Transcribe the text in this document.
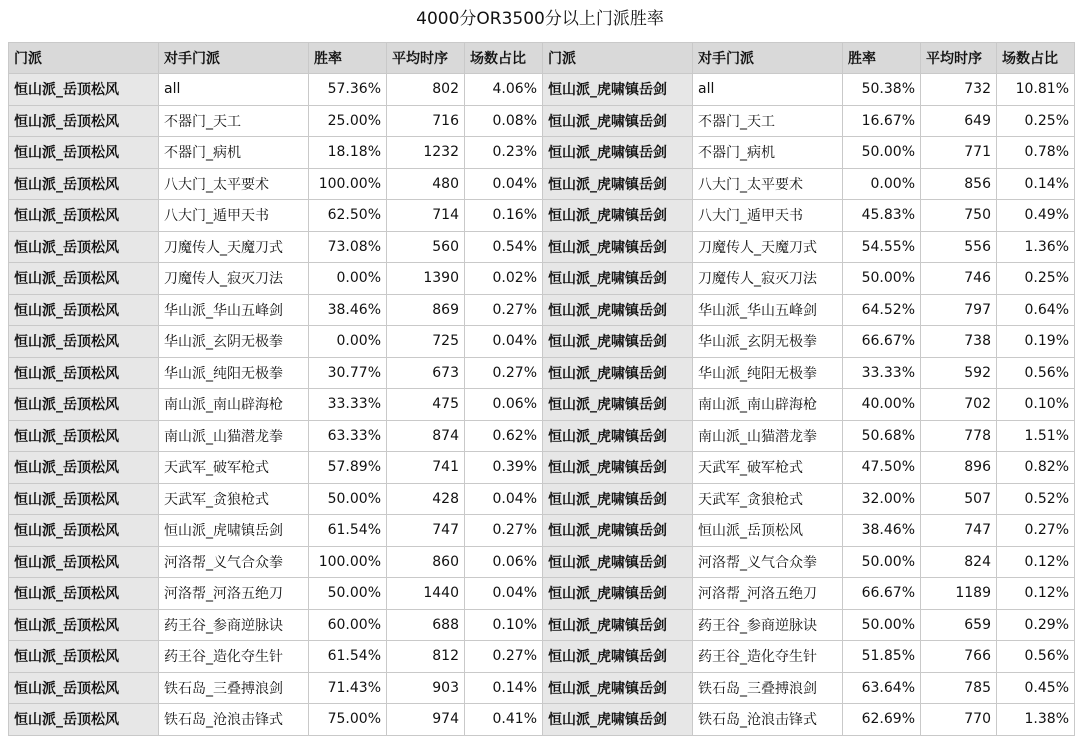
4000分OR3500分以上门派胜率
门派	对手门派	胜率	平均时序	场数占比	门派	对手门派	胜率	平均时序	场数占比
恒山派_岳顶松风	all	57.36%	802	4.06%	恒山派_虎啸镇岳剑	all	50.38%	732	10.81%
恒山派_岳顶松风	不器门_天工	25.00%	716	0.08%	恒山派_虎啸镇岳剑	不器门_天工	16.67%	649	0.25%
恒山派_岳顶松风	不器门_病机	18.18%	1232	0.23%	恒山派_虎啸镇岳剑	不器门_病机	50.00%	771	0.78%
恒山派_岳顶松风	八大门_太平要术	100.00%	480	0.04%	恒山派_虎啸镇岳剑	八大门_太平要术	0.00%	856	0.14%
恒山派_岳顶松风	八大门_遁甲天书	62.50%	714	0.16%	恒山派_虎啸镇岳剑	八大门_遁甲天书	45.83%	750	0.49%
恒山派_岳顶松风	刀魔传人_天魔刀式	73.08%	560	0.54%	恒山派_虎啸镇岳剑	刀魔传人_天魔刀式	54.55%	556	1.36%
恒山派_岳顶松风	刀魔传人_寂灭刀法	0.00%	1390	0.02%	恒山派_虎啸镇岳剑	刀魔传人_寂灭刀法	50.00%	746	0.25%
恒山派_岳顶松风	华山派_华山五峰剑	38.46%	869	0.27%	恒山派_虎啸镇岳剑	华山派_华山五峰剑	64.52%	797	0.64%
恒山派_岳顶松风	华山派_玄阴无极拳	0.00%	725	0.04%	恒山派_虎啸镇岳剑	华山派_玄阴无极拳	66.67%	738	0.19%
恒山派_岳顶松风	华山派_纯阳无极拳	30.77%	673	0.27%	恒山派_虎啸镇岳剑	华山派_纯阳无极拳	33.33%	592	0.56%
恒山派_岳顶松风	南山派_南山辟海枪	33.33%	475	0.06%	恒山派_虎啸镇岳剑	南山派_南山辟海枪	40.00%	702	0.10%
恒山派_岳顶松风	南山派_山猫潜龙拳	63.33%	874	0.62%	恒山派_虎啸镇岳剑	南山派_山猫潜龙拳	50.68%	778	1.51%
恒山派_岳顶松风	天武军_破军枪式	57.89%	741	0.39%	恒山派_虎啸镇岳剑	天武军_破军枪式	47.50%	896	0.82%
恒山派_岳顶松风	天武军_贪狼枪式	50.00%	428	0.04%	恒山派_虎啸镇岳剑	天武军_贪狼枪式	32.00%	507	0.52%
恒山派_岳顶松风	恒山派_虎啸镇岳剑	61.54%	747	0.27%	恒山派_虎啸镇岳剑	恒山派_岳顶松风	38.46%	747	0.27%
恒山派_岳顶松风	河洛帮_义气合众拳	100.00%	860	0.06%	恒山派_虎啸镇岳剑	河洛帮_义气合众拳	50.00%	824	0.12%
恒山派_岳顶松风	河洛帮_河洛五绝刀	50.00%	1440	0.04%	恒山派_虎啸镇岳剑	河洛帮_河洛五绝刀	66.67%	1189	0.12%
恒山派_岳顶松风	药王谷_参商逆脉诀	60.00%	688	0.10%	恒山派_虎啸镇岳剑	药王谷_参商逆脉诀	50.00%	659	0.29%
恒山派_岳顶松风	药王谷_造化夺生针	61.54%	812	0.27%	恒山派_虎啸镇岳剑	药王谷_造化夺生针	51.85%	766	0.56%
恒山派_岳顶松风	铁石岛_三叠搏浪剑	71.43%	903	0.14%	恒山派_虎啸镇岳剑	铁石岛_三叠搏浪剑	63.64%	785	0.45%
恒山派_岳顶松风	铁石岛_沧浪击锋式	75.00%	974	0.41%	恒山派_虎啸镇岳剑	铁石岛_沧浪击锋式	62.69%	770	1.38%
